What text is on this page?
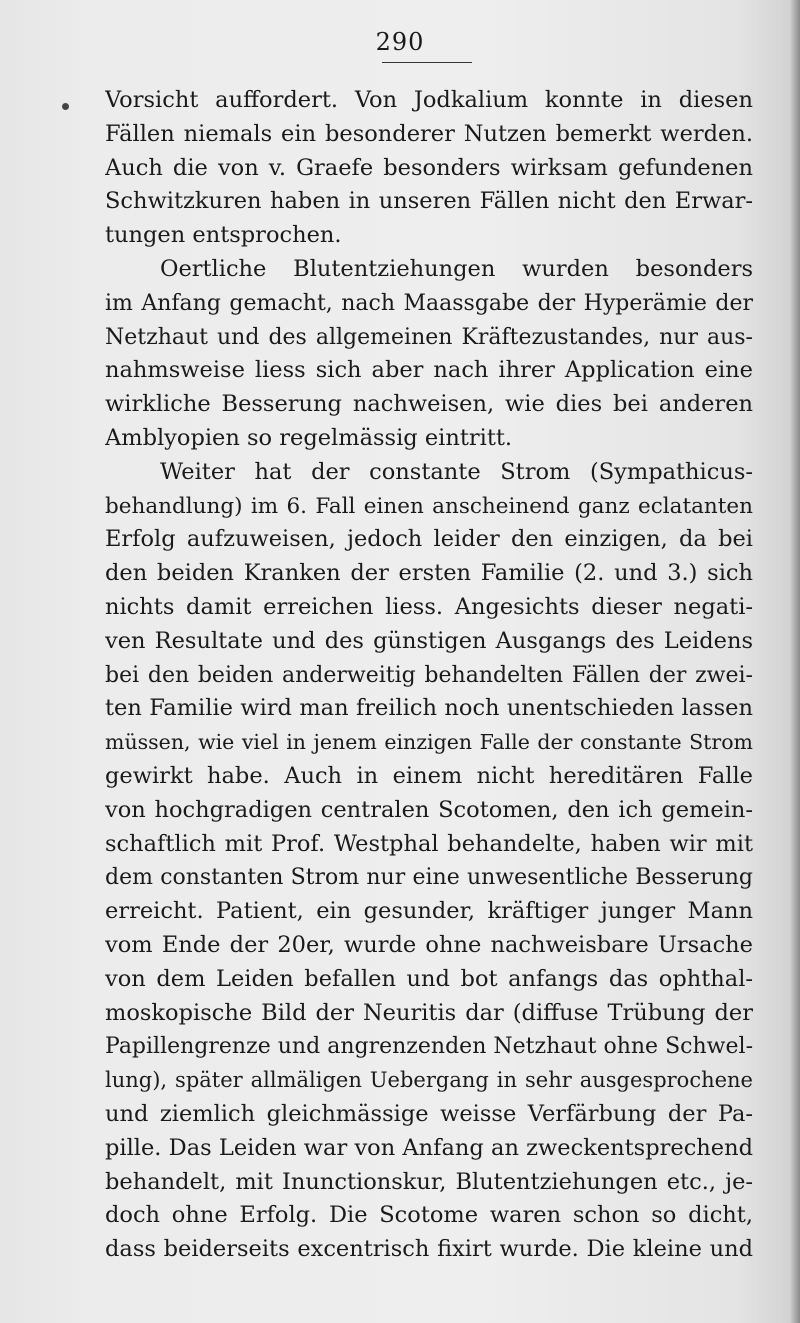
290
Vorsicht auffordert. Von Jodkalium konnte in diesen
Fällen niemals ein besonderer Nutzen bemerkt werden.
Auch die von v. Graefe besonders wirksam gefundenen
Schwitzkuren haben in unseren Fällen nicht den Erwar-
tungen entsprochen.
Oertliche Blutentziehungen wurden besonders
im Anfang gemacht, nach Maassgabe der Hyperämie der
Netzhaut und des allgemeinen Kräftezustandes, nur aus-
nahmsweise liess sich aber nach ihrer Application eine
wirkliche Besserung nachweisen, wie dies bei anderen
Amblyopien so regelmässig eintritt.
Weiter hat der constante Strom (Sympathicus-
behandlung) im 6. Fall einen anscheinend ganz eclatanten
Erfolg aufzuweisen, jedoch leider den einzigen, da bei
den beiden Kranken der ersten Familie (2. und 3.) sich
nichts damit erreichen liess. Angesichts dieser negati-
ven Resultate und des günstigen Ausgangs des Leidens
bei den beiden anderweitig behandelten Fällen der zwei-
ten Familie wird man freilich noch unentschieden lassen
müssen, wie viel in jenem einzigen Falle der constante Strom
gewirkt habe. Auch in einem nicht hereditären Falle
von hochgradigen centralen Scotomen, den ich gemein-
schaftlich mit Prof. Westphal behandelte, haben wir mit
dem constanten Strom nur eine unwesentliche Besserung
erreicht. Patient, ein gesunder, kräftiger junger Mann
vom Ende der 20er, wurde ohne nachweisbare Ursache
von dem Leiden befallen und bot anfangs das ophthal-
moskopische Bild der Neuritis dar (diffuse Trübung der
Papillengrenze und angrenzenden Netzhaut ohne Schwel-
lung), später allmäligen Uebergang in sehr ausgesprochene
und ziemlich gleichmässige weisse Verfärbung der Pa-
pille. Das Leiden war von Anfang an zweckentsprechend
behandelt, mit Inunctionskur, Blutentziehungen etc., je-
doch ohne Erfolg. Die Scotome waren schon so dicht,
dass beiderseits excentrisch fixirt wurde. Die kleine und
